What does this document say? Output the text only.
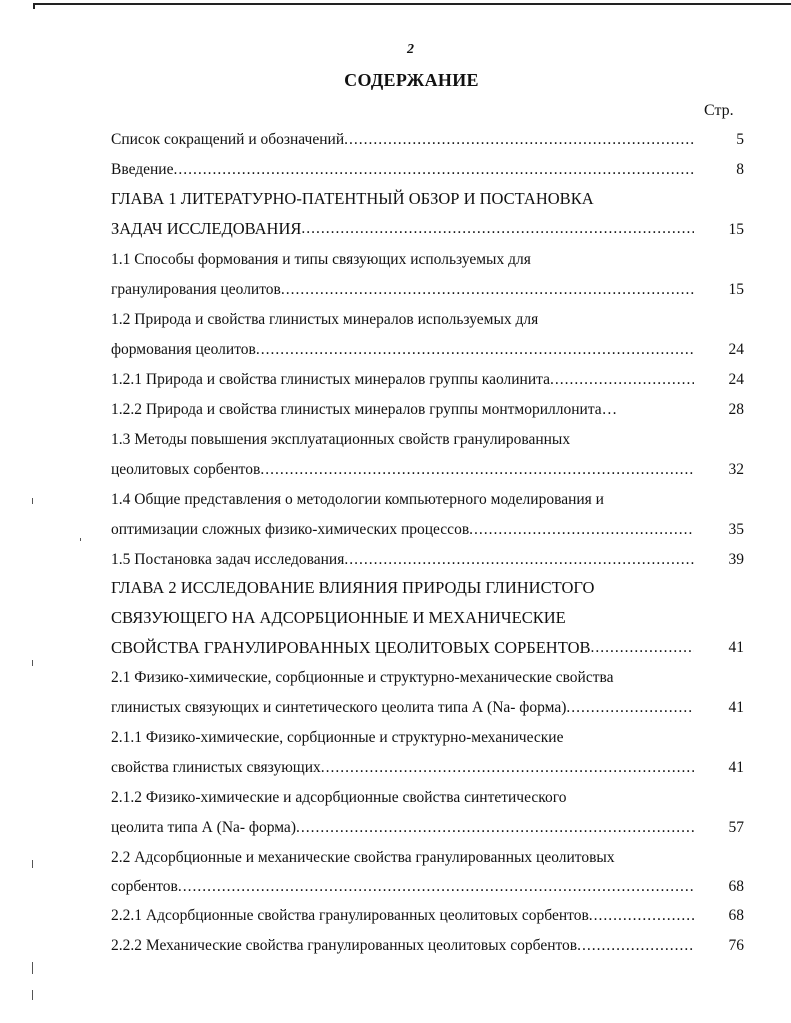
2
СОДЕРЖАНИЕ
Стр.
Список сокращений и обозначений .....	5
Введение .....	8
ГЛАВА 1 ЛИТЕРАТУРНО-ПАТЕНТНЫЙ ОБЗОР И ПОСТАНОВКА
ЗАДАЧ ИССЛЕДОВАНИЯ .....	15
1.1 Способы формования и типы связующих используемых для
гранулирования цеолитов .....	15
1.2 Природа и свойства глинистых минералов используемых для
формования цеолитов .....	24
1.2.1 Природа и свойства глинистых минералов группы каолинита .....	24
1.2.2 Природа и свойства глинистых минералов группы монтмориллонита…	28
1.3 Методы повышения эксплуатационных свойств гранулированных
цеолитовых сорбентов .....	32
1.4 Общие представления о методологии компьютерного моделирования и
оптимизации сложных физико-химических процессов .....	35
1.5 Постановка задач исследования .....	39
ГЛАВА 2 ИССЛЕДОВАНИЕ ВЛИЯНИЯ ПРИРОДЫ ГЛИНИСТОГО
СВЯЗУЮЩЕГО НА АДСОРБЦИОННЫЕ И МЕХАНИЧЕСКИЕ
СВОЙСТВА ГРАНУЛИРОВАННЫХ ЦЕОЛИТОВЫХ СОРБЕНТОВ .....	41
2.1 Физико-химические, сорбционные и структурно-механические свойства
глинистых связующих и синтетического цеолита типа А (Na- форма) .....	41
2.1.1 Физико-химические, сорбционные и структурно-механические
свойства глинистых связующих .....	41
2.1.2 Физико-химические и адсорбционные свойства синтетического
цеолита типа А (Na- форма) .....	57
2.2 Адсорбционные и механические свойства гранулированных цеолитовых
сорбентов .....	68
2.2.1 Адсорбционные свойства гранулированных цеолитовых сорбентов .....	68
2.2.2 Механические свойства гранулированных цеолитовых сорбентов .....	76
